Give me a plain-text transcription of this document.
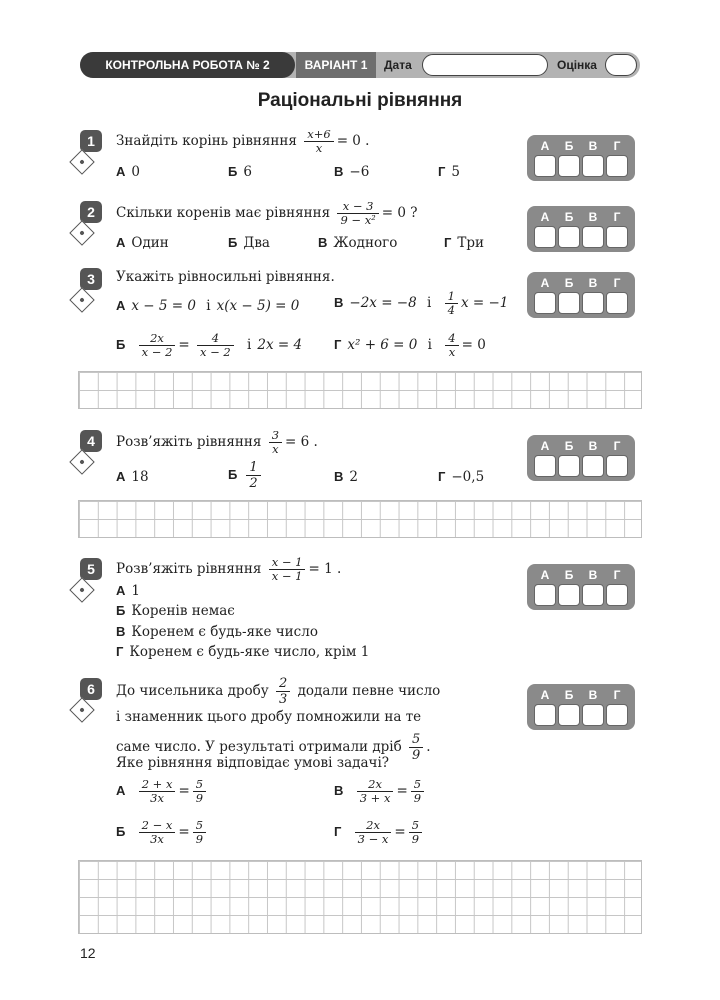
КОНТРОЛЬНА РОБОТА № 2	ВАРІАНТ 1	Дата	Оцінка
Раціональні рівняння
1	Знайдіть корінь рівняння $\frac{x+6}{x} = 0$ .
А 0	Б 6	В −6	Г 5
А	Б	В	Г
2	Скільки коренів має рівняння $\frac{x - 3}{\text{9 − x²}} = 0$ ?
А Один	Б Два	В Жодного	Г Три
А	Б	В	Г
3	Укажіть рівносильні рівняння.
А x − 5 = 0 і x(x − 5) = 0	В −2x = −8 і $\frac{1}{4}$ x = −1
Б $\frac{2x}{x - 2} = \frac{4}{x - 2}$ і 2x = 4 Г x² + 6 = 0 і $\frac{4}{x} = 0$
А	Б	В	Г
4	Розв’яжіть рівняння $\frac{3}{x} = 6$ .
А 18	Б $\frac{1}{2}$	В 2	Г −0,5
А	Б	В	Г
5	Розв’яжіть рівняння $\frac{x - 1}{x - 1} = 1$ .
А 1
Б Коренів немає
В Коренем є будь-яке число
Г Коренем є будь-яке число, крім 1
А	Б	В	Г
6	До чисельника дробу $\frac{2}{3}$ додали певне число
і знаменник цього дробу помножили на те
саме число. У результаті отримали дріб $\frac{5}{9}$ .
Яке рівняння відповідає умові задачі?
А $\frac{2 + x}{3x} = \frac{5}{9}$	В $\frac{2x}{3 + x} = \frac{5}{9}$
Б $\frac{2 - x}{3x} = \frac{5}{9}$	Г $\frac{2x}{3 - x} = \frac{5}{9}$
А	Б	В	Г
12
